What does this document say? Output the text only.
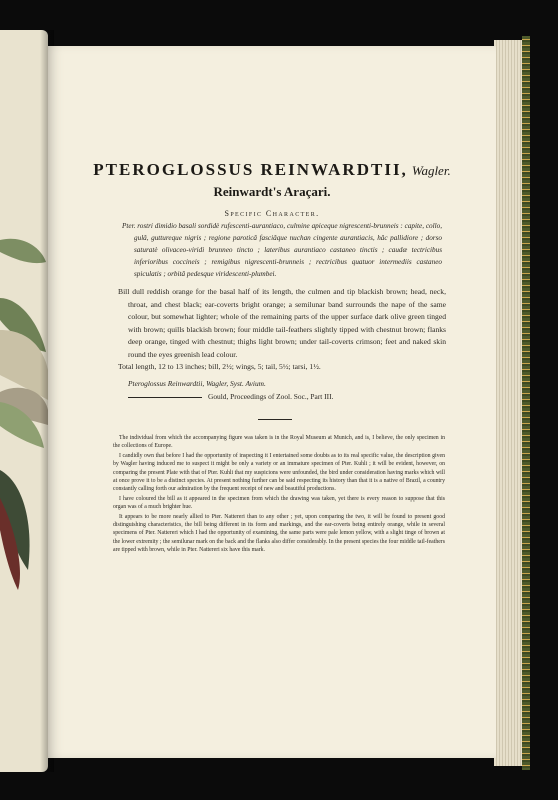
PTEROGLOSSUS REINWARDTII, Wagler.
Reinwardt's Araçari.
Specific Character.
Pter. rostri dimidio basali sordidè rufescenti-aurantiaco, culmine apiceque nigrescenti-brunneis : capite, collo, gulâ, guttureque nigris ; regione paroticâ fasciâque nuchan cingente aurantiacis, hâc pallidiore ; dorso saturatè olivaceo-viridi brunneo tincto ; lateribus aurantiaco castaneo tinctis ; caudæ tectricibus inferioribus coccineis ; remigibus nigrescenti-brunneis ; rectricibus quatuor intermediis castaneo spiculatis ; orbitâ pedesque viridescenti-plumbei.

Bill dull reddish orange for the basal half of its length, the culmen and tip blackish brown; head, neck, throat, and chest black; ear-coverts bright orange; a semilunar band surrounds the nape of the same colour, but somewhat lighter; whole of the remaining parts of the upper surface dark olive green tinged with brown; quills blackish brown; four middle tail-feathers slightly tipped with chestnut brown; flanks deep orange, tinged with chestnut; thighs light brown; under tail-coverts crimson; feet and naked skin round the eyes greenish lead colour.

Total length, 12 to 13 inches; bill, 2½; wings, 5; tail, 5½; tarsi, 1½.

Pteroglossus Reinwardtii, Wagler, Syst. Avium.
Gould, Proceedings of Zool. Soc., Part III.

The individual from which the accompanying figure was taken is in the Royal Museum at Munich, and is, I believe, the only specimen in the collections of Europe.

I candidly own that before I had the opportunity of inspecting it I entertained some doubts as to its real specific value, the description given by Wagler having induced me to suspect it might be only a variety or an immature specimen of Pter. Kuhli ; it will be evident, however, on comparing the present Plate with that of Pter. Kuhli that my suspicions were unfounded, the bird under consideration having marks which will at once prove it to be a distinct species. At present nothing further can be said respecting its history than that it is a native of Brazil, a country constantly calling forth our admiration by the frequent receipt of new and beautiful productions.

I have coloured the bill as it appeared in the specimen from which the drawing was taken, yet there is every reason to suppose that this organ was of a much brighter hue.

It appears to be more nearly allied to Pter. Nattereri than to any other ; yet, upon comparing the two, it will be found to present good distinguishing characteristics, the bill being different in its form and markings, and the ear-coverts being entirely orange, while in several specimens of Pter. Nattereri which I had the opportunity of examining, the same parts were pale lemon yellow, with a slight tinge of brown at the lower extremity ; the semilunar mark on the back and the flanks also differ considerably. In the present species the four middle tail-feathers are tipped with brown, while in Pter. Nattereri six have this mark.
